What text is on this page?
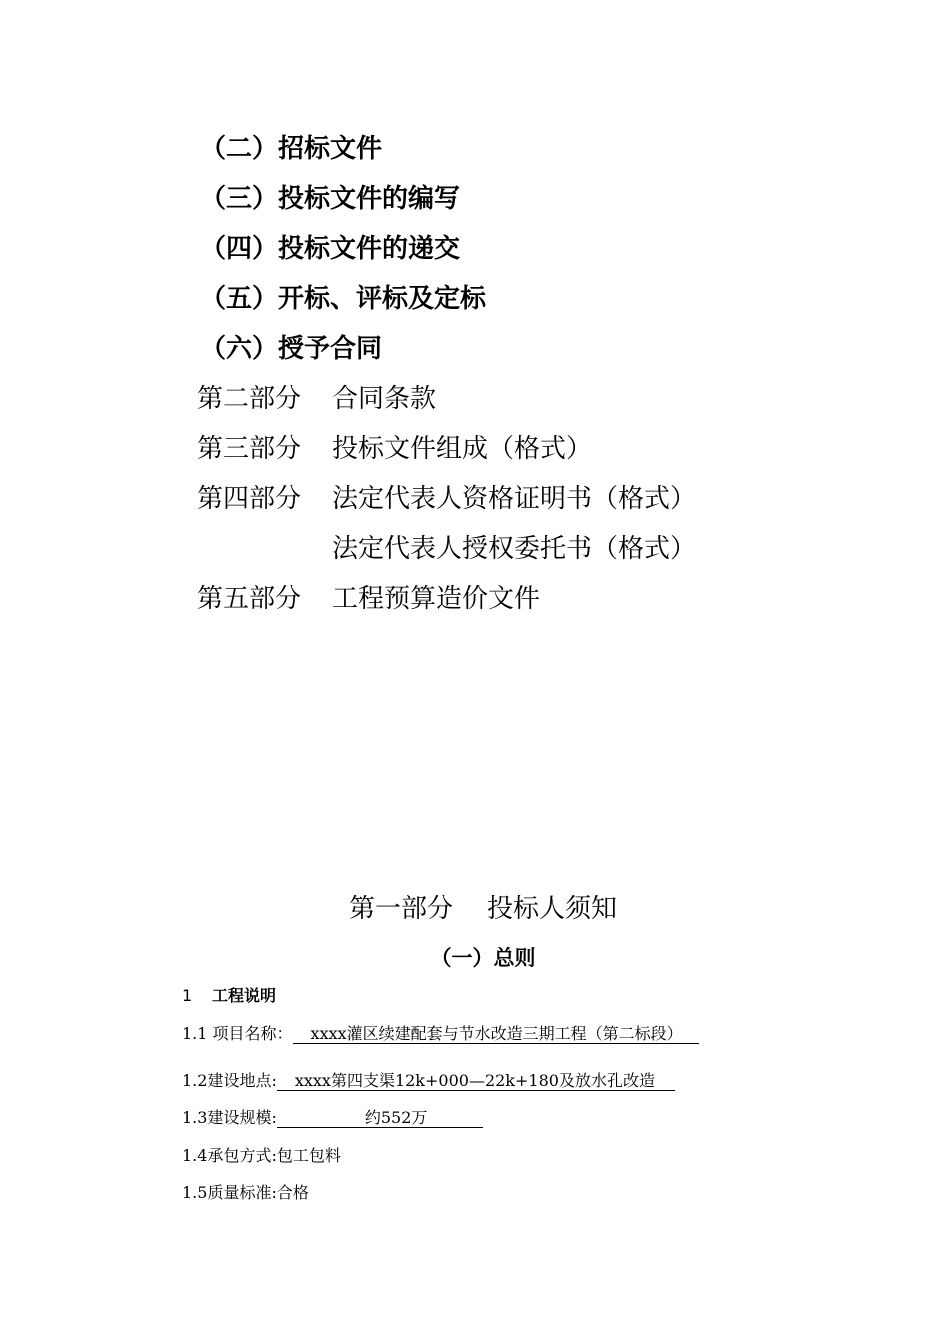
（二）招标文件
（三）投标文件的编写
（四）投标文件的递交
（五）开标、评标及定标
（六）授予合同
第二部分 合同条款
第三部分 投标文件组成（格式）
第四部分 法定代表人资格证明书（格式）
法定代表人授权委托书（格式）
第五部分 工程预算造价文件
第一部分 投标人须知
（一）总则
1 工程说明
1.1 项目名称： xxxx灌区续建配套与节水改造三期工程（第二标段）
1.2建设地点: xxxx第四支渠12k+000—22k+180及放水孔改造
1.3建设规模:	约552万
1.4承包方式:包工包料
1.5质量标准:合格
